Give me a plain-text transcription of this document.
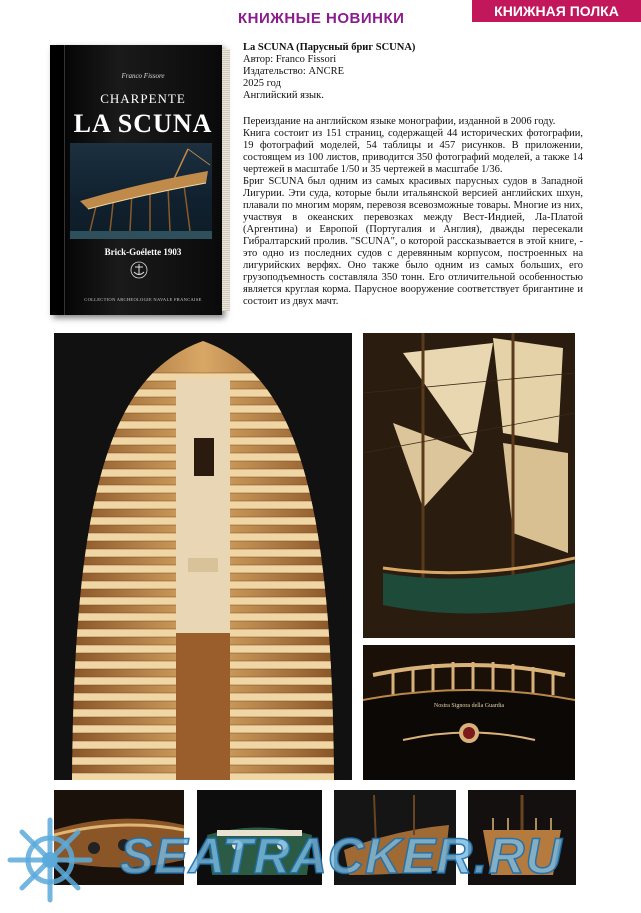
КНИЖНЫЕ НОВИНКИ	КНИЖНАЯ ПОЛКА
Franco Fissore
CHARPENTE
LA SCUNA
Brick-Goélette 1903
COLLECTION ARCHEOLOGIE NAVALE FRANCAISE
La SCUNA (Парусный бриг SCUNA)
Автор: Franco Fissori
Издательство: ANCRE
2025 год
Английский язык.

Переиздание на английском языке монографии, изданной в 2006 году.

Книга состоит из 151 страниц, содержащей 44 исторических фотографии, 19 фотографий моделей, 54 таблицы и 457 рисунков. В приложении, состоящем из 100 листов, приводится 350 фотографий моделей, а также 14 чертежей в масштабе 1/50 и 35 чертежей в масштабе 1/36.

Бриг SCUNA был одним из самых красивых парусных судов в Западной Лигурии. Эти суда, которые были итальянской версией английских шхун, плавали по многим морям, перевозя всевозможные товары. Многие из них, участвуя в океанских перевозках между Вест-Индией, Ла-Платой (Аргентина) и Европой (Португалия и Англия), дважды пересекали Гибралтарский пролив. "SCUNA", о которой рассказывается в этой книге, - это одно из последних судов с деревянным корпусом, построенных на лигурийских верфях. Оно также было одним из самых больших, его грузоподъемность составляла 350 тонн. Его отличительной особенностью является круглая корма. Парусное вооружение соответствует бригантине и состоит из двух мачт.

Nostra Signora della Guardia
SEATRACKER.RU
